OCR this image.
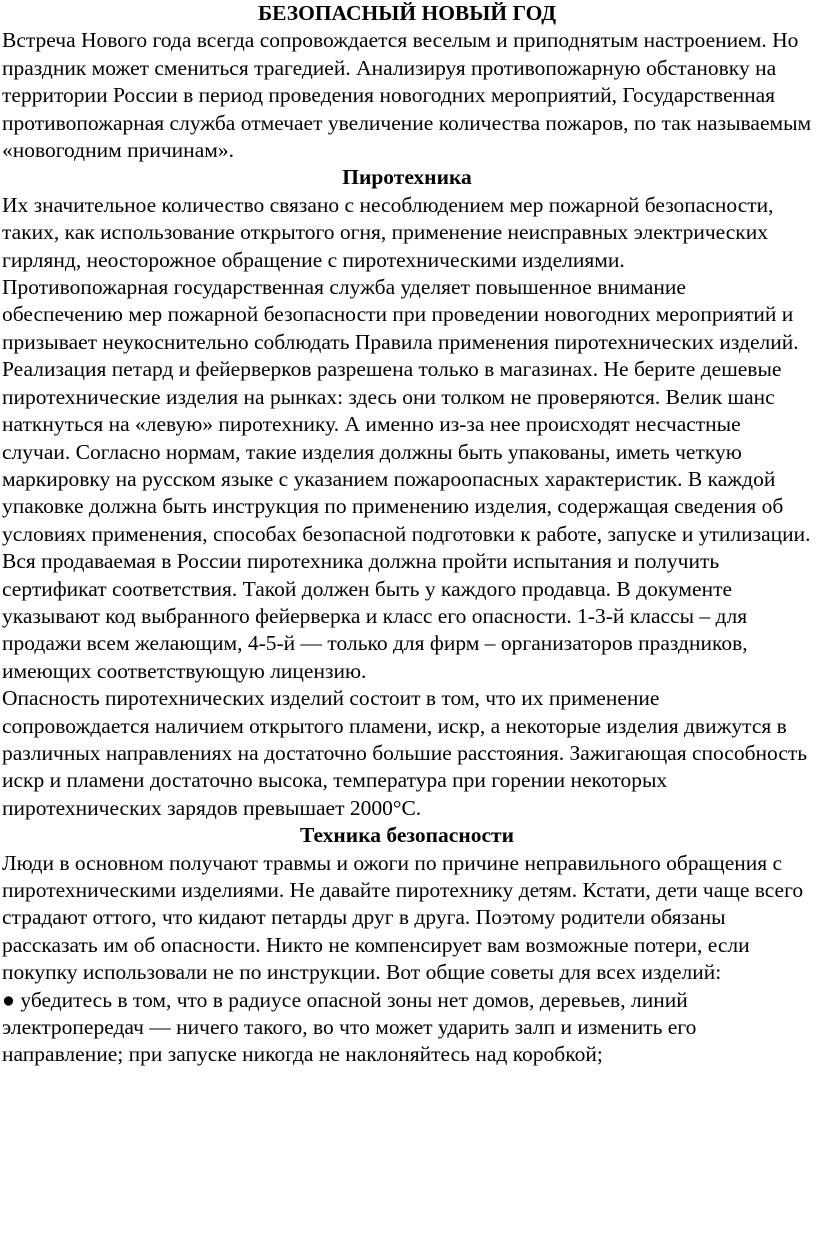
БЕЗОПАСНЫЙ НОВЫЙ ГОД

Встреча Нового года всегда сопровождается веселым и приподнятым настроением. Но праздник может смениться трагедией. Анализируя противопожарную обстановку на территории России в период проведения новогодних мероприятий, Государственная противопожарная служба отмечает увеличение количества пожаров, по так называемым «новогодним причинам».

Пиротехника

Их значительное количество связано с несоблюдением мер пожарной безопасности, таких, как использование открытого огня, применение неисправных электрических гирлянд, неосторожное обращение с пиротехническими изделиями.

Противопожарная государственная служба уделяет повышенное внимание обеспечению мер пожарной безопасности при проведении новогодних мероприятий и призывает неукоснительно соблюдать Правила применения пиротехнических изделий. Реализация петард и фейерверков разрешена только в магазинах. Не берите дешевые пиротехнические изделия на рынках: здесь они толком не проверяются. Велик шанс наткнуться на «левую» пиротехнику. А именно из-за нее происходят несчастные случаи. Согласно нормам, такие изделия должны быть упакованы, иметь четкую маркировку на русском языке с указанием пожароопасных характеристик. В каждой упаковке должна быть инструкция по применению изделия, содержащая сведения об условиях применения, способах безопасной подготовки к работе, запуске и утилизации. Вся продаваемая в России пиротехника должна пройти испытания и получить сертификат соответствия. Такой должен быть у каждого продавца. В документе указывают код выбранного фейерверка и класс его опасности. 1-3-й классы – для продажи всем желающим, 4-5-й — только для фирм – организаторов праздников, имеющих соответствующую лицензию.

Опасность пиротехнических изделий состоит в том, что их применение сопровождается наличием открытого пламени, искр, а некоторые изделия движутся в различных направлениях на достаточно большие расстояния. Зажигающая способность искр и пламени достаточно высока, температура при горении некоторых пиротехнических зарядов превышает 2000°С.

Техника безопасности

Люди в основном получают травмы и ожоги по причине неправильного обращения с пиротехническими изделиями. Не давайте пиротехнику детям. Кстати, дети чаще всего страдают оттого, что кидают петарды друг в друга. Поэтому родители обязаны рассказать им об опасности. Никто не компенсирует вам возможные потери, если покупку использовали не по инструкции. Вот общие советы для всех изделий:

● убедитесь в том, что в радиусе опасной зоны нет домов, деревьев, линий электропередач — ничего такого, во что может ударить залп и изменить его направление; при запуске никогда не наклоняйтесь над коробкой;
